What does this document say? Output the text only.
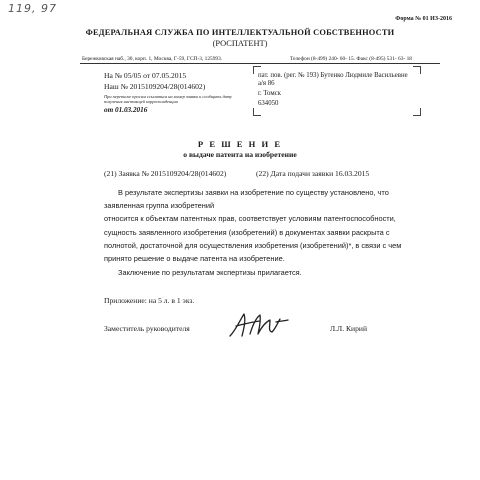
119, 97
Форма № 01 ИЗ-2016
ФЕДЕРАЛЬНАЯ СЛУЖБА ПО ИНТЕЛЛЕКТУАЛЬНОЙ СОБСТВЕННОСТИ
(РОСПАТЕНТ)
Бережковская наб., 30, корп. 1, Москва, Г-59, ГСП-3, 125993.	Телефон (8-499) 240- 60- 15. Факс (8-495) 531- 63- 18
На № 05/05 от 07.05.2015
Наш № 2015109204/28(014602)
При переписке просим ссылаться на номер заявки и сообщить дату получения настоящей корреспонденции
от 01.03.2016
пат. пов. (рег. № 193) Бутенко Людмиле Васильевне
а/я 86
г. Томск
634050
Р Е Ш Е Н И Е
о выдаче патента на изобретение
(21) Заявка № 2015109204/28(014602)	(22) Дата подачи заявки 16.03.2015
В результате экспертизы заявки на изобретение по существу установлено, что
заявленная группа изобретений
относится к объектам патентных прав, соответствует условиям патентоспособности,
сущность заявленного изобретения (изобретений) в документах заявки раскрыта с
полнотой, достаточной для осуществления изобретения (изобретений)*, в связи с чем
принято решение о выдаче патента на изобретение.
Заключение по результатам экспертизы прилагается.
Приложение: на 5 л. в 1 экз.
Заместитель руководителя	Л.Л. Кирий
